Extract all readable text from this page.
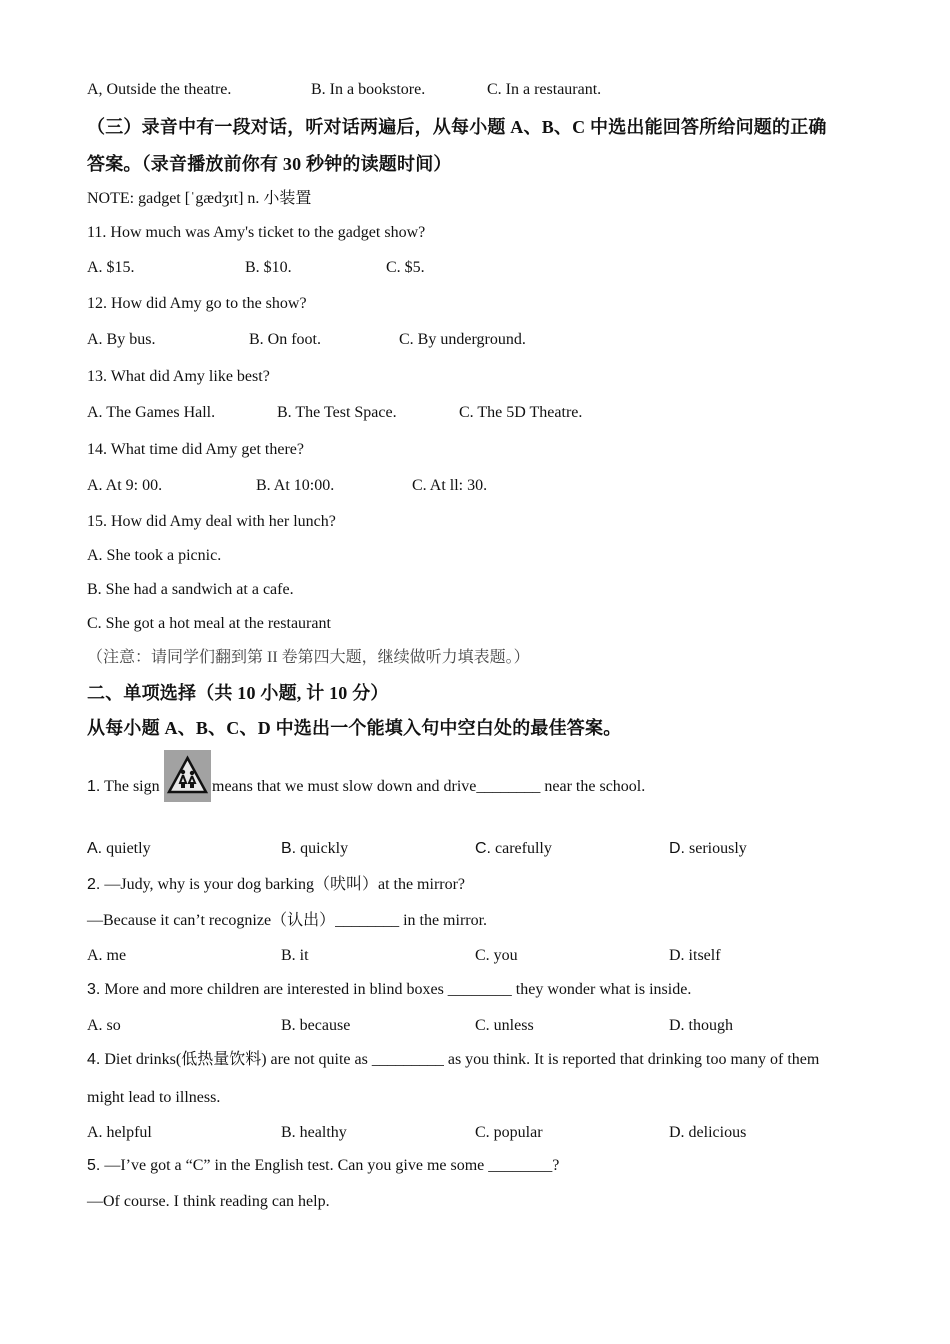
A, Outside the theatre.	B. In a bookstore.	C. In a restaurant.
（三）录音中有一段对话，听对话两遍后，从每小题 A、B、C 中选出能回答所给问题的正确
答案。（录音播放前你有 30 秒钟的读题时间）
NOTE: gadget [ˈgædʒɪt] n. 小装置
11. How much was Amy's ticket to the gadget show?
A. $15.	B. $10.	C. $5.
12. How did Amy go to the show?
A. By bus.	B. On foot.	C. By underground.
13. What did Amy like best?
A. The Games Hall.	B. The Test Space.	C. The 5D Theatre.
14. What time did Amy get there?
A. At 9: 00.	B. At 10:00.	C. At ll: 30.
15. How did Amy deal with her lunch?
A. She took a picnic.
B. She had a sandwich at a cafe.
C. She got a hot meal at the restaurant
（注意：请同学们翻到第 II 卷第四大题，继续做听力填表题。）
二、单项选择（共 10 小题, 计 10 分）
从每小题 A、B、C、D 中选出一个能填入句中空白处的最佳答案。
1. The sign	means that we must slow down and drive________ near the school.
A. quietly	B. quickly	C. carefully	D. seriously
2. —Judy, why is your dog barking（吠叫）at the mirror?
—Because it can’t recognize（认出）________ in the mirror.
A. me	B. it	C. you	D. itself
3. More and more children are interested in blind boxes ________ they wonder what is inside.
A. so	B. because	C. unless	D. though
4. Diet drinks(低热量饮料) are not quite as _________ as you think. It is reported that drinking too many of them
might lead to illness.
A. helpful	B. healthy	C. popular	D. delicious
5. —I’ve got a “C” in the English test. Can you give me some ________?
—Of course. I think reading can help.
